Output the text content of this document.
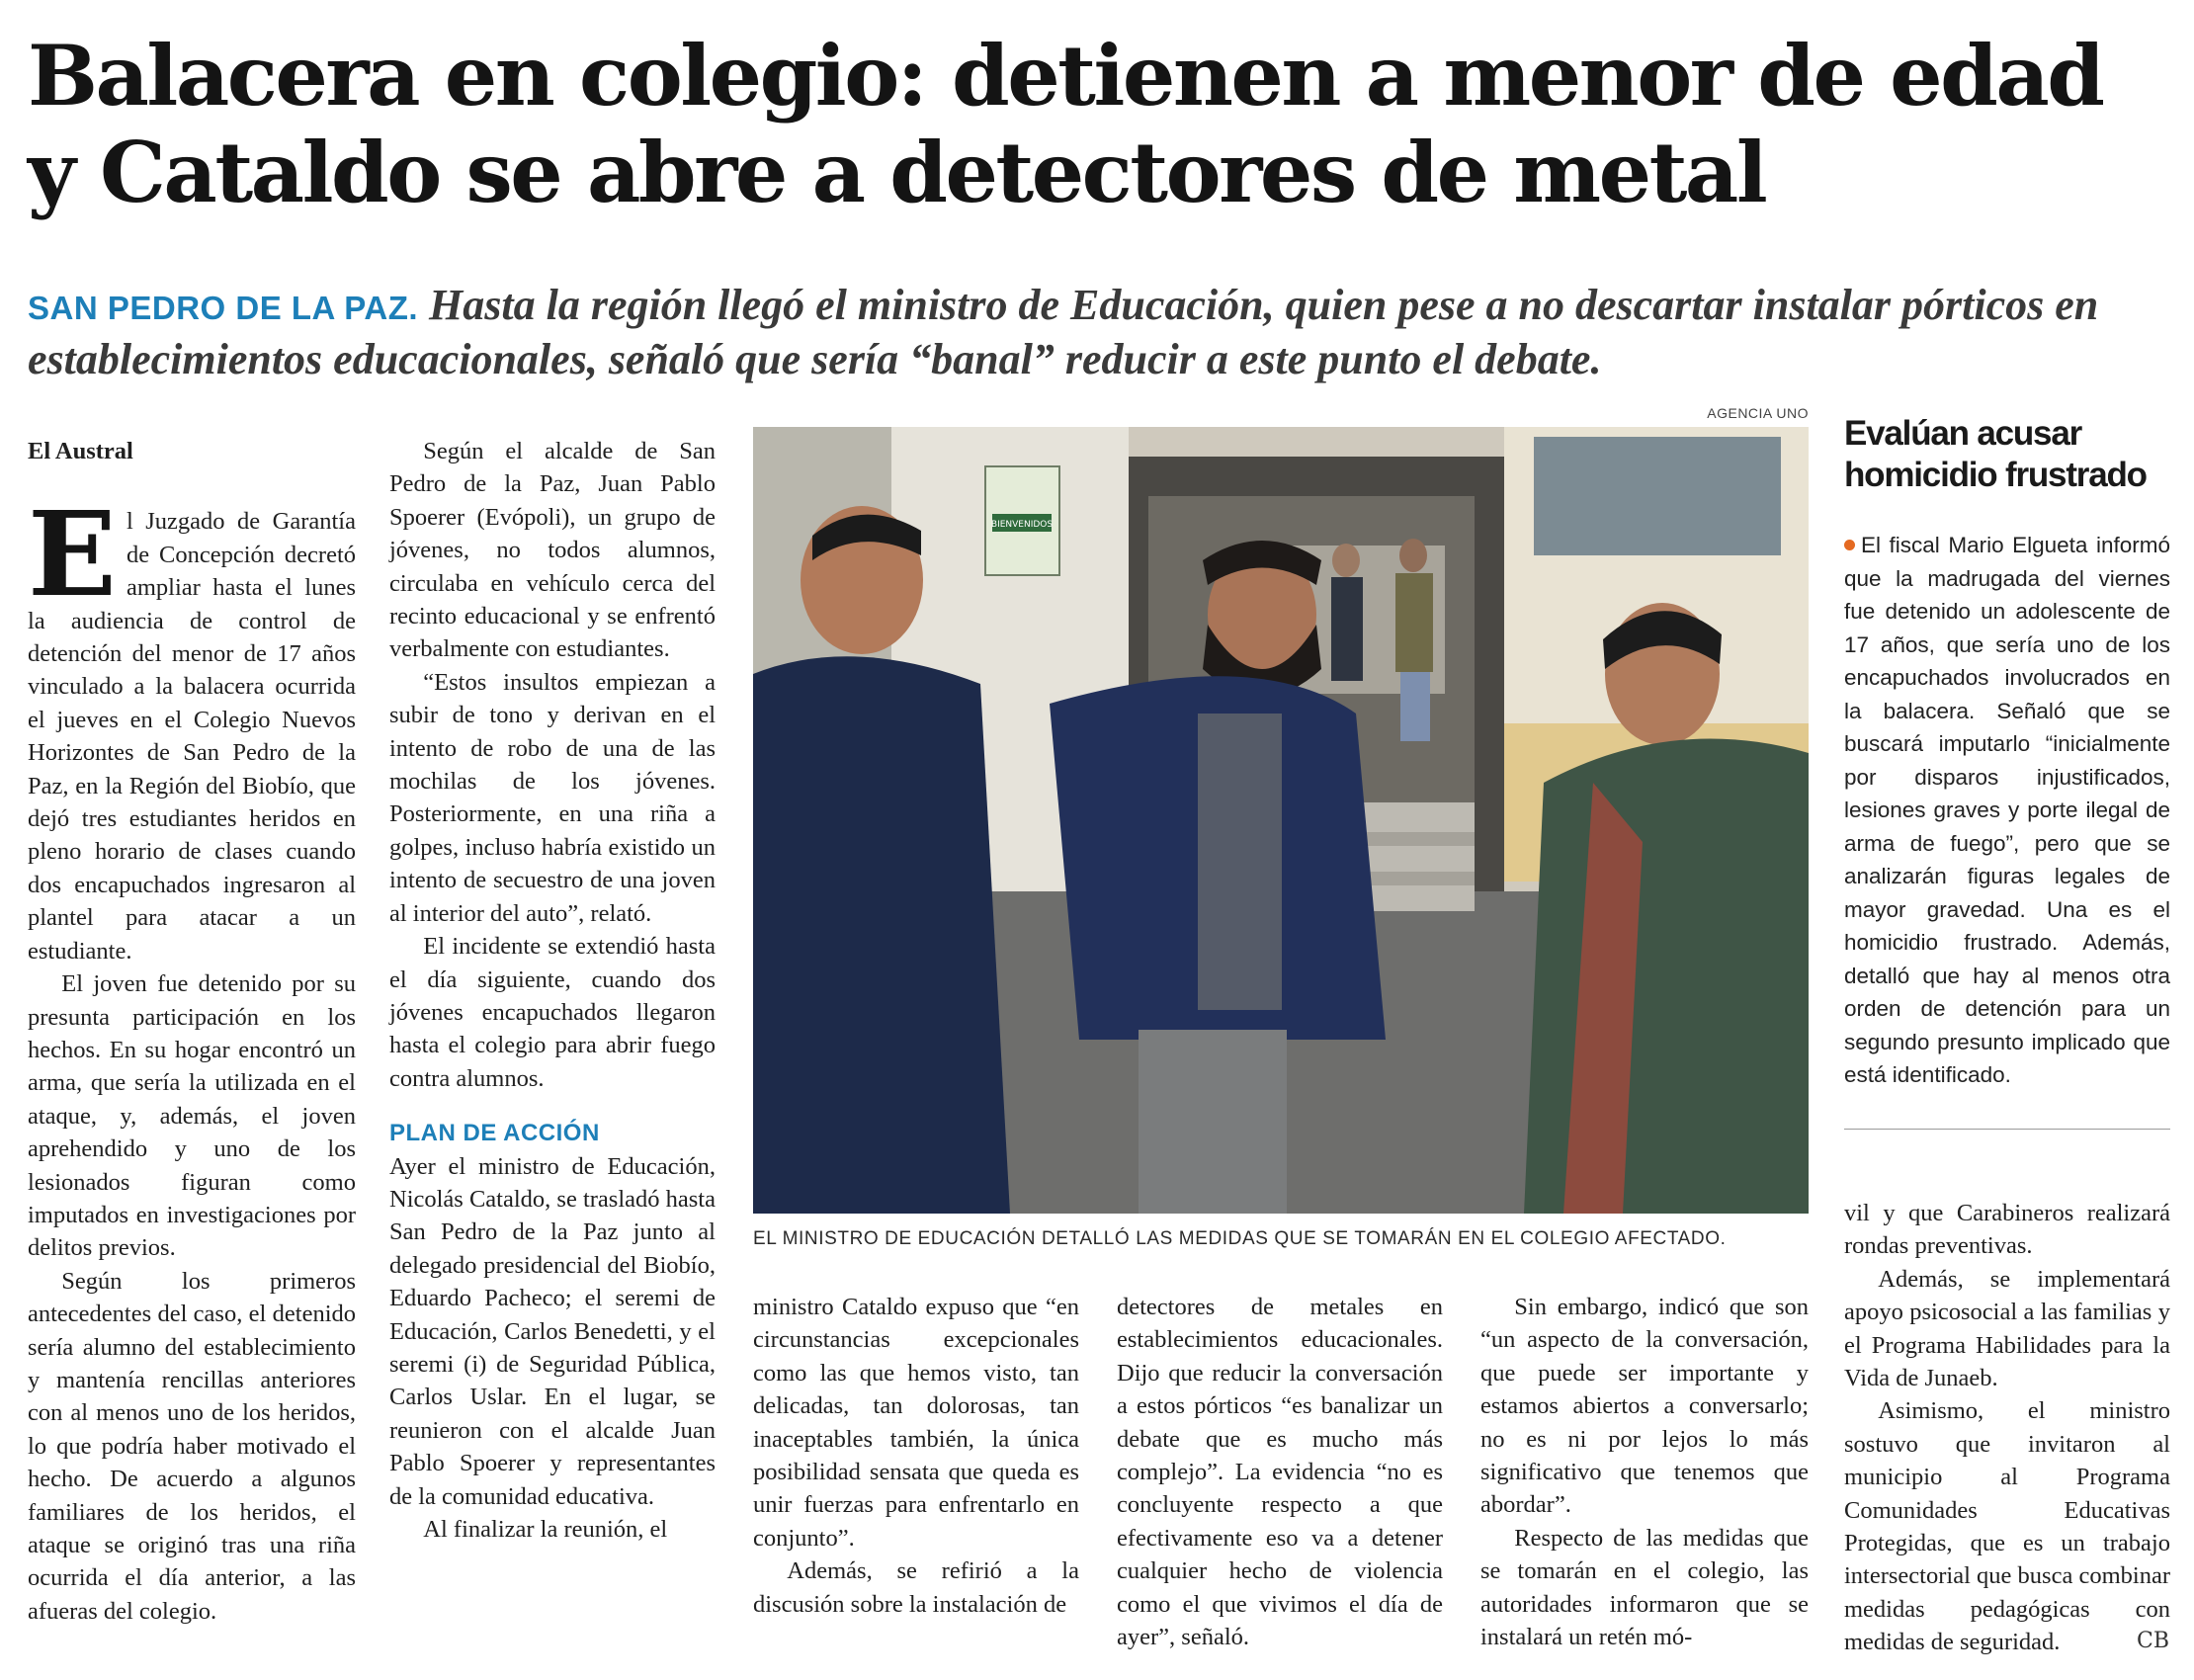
Balacera en colegio: detienen a menor de edad y Cataldo se abre a detectores de metal

SAN PEDRO DE LA PAZ. Hasta la región llegó el ministro de Educación, quien pese a no descartar instalar pórticos en establecimientos educacionales, señaló que sería “banal” reducir a este punto el debate.

El Austral

El Juzgado de Garantía de Concepción decretó ampliar hasta el lunes la audiencia de control de detención del menor de 17 años vinculado a la balacera ocurrida el jueves en el Colegio Nuevos Horizontes de San Pedro de la Paz, en la Región del Biobío, que dejó tres estudiantes heridos en pleno horario de clases cuando dos encapuchados ingresaron al plantel para atacar a un estudiante.

El joven fue detenido por su presunta participación en los hechos. En su hogar encontró un arma, que sería la utilizada en el ataque, y, además, el joven aprehendido y uno de los lesionados figuran como imputados en investigaciones por delitos previos.

Según los primeros antecedentes del caso, el detenido sería alumno del establecimiento y mantenía rencillas anteriores con al menos uno de los heridos, lo que podría haber motivado el hecho. De acuerdo a algunos familiares de los heridos, el ataque se originó tras una riña ocurrida el día anterior, a las afueras del colegio.

Según el alcalde de San Pedro de la Paz, Juan Pablo Spoerer (Evópoli), un grupo de jóvenes, no todos alumnos, circulaba en vehículo cerca del recinto educacional y se enfrentó verbalmente con estudiantes.

“Estos insultos empiezan a subir de tono y derivan en el intento de robo de una de las mochilas de los jóvenes. Posteriormente, en una riña a golpes, incluso habría existido un intento de secuestro de una joven al interior del auto”, relató.

El incidente se extendió hasta el día siguiente, cuando dos jóvenes encapuchados llegaron hasta el colegio para abrir fuego contra alumnos.

PLAN DE ACCIÓN

Ayer el ministro de Educación, Nicolás Cataldo, se trasladó hasta San Pedro de la Paz junto al delegado presidencial del Biobío, Eduardo Pacheco; el seremi de Educación, Carlos Benedetti, y el seremi (i) de Seguridad Pública, Carlos Uslar. En el lugar, se reunieron con el alcalde Juan Pablo Spoerer y representantes de la comunidad educativa.

Al finalizar la reunión, el

AGENCIA UNO
BIENVENIDOS
EL MINISTRO DE EDUCACIÓN DETALLÓ LAS MEDIDAS QUE SE TOMARÁN EN EL COLEGIO AFECTADO.

ministro Cataldo expuso que “en circunstancias excepcionales como las que hemos visto, tan delicadas, tan dolorosas, tan inaceptables también, la única posibilidad sensata que queda es unir fuerzas para enfrentarlo en conjunto”.

Además, se refirió a la discusión sobre la instalación de

detectores de metales en establecimientos educacionales. Dijo que reducir la conversación a estos pórticos “es banalizar un debate que es mucho más complejo”. La evidencia “no es concluyente respecto a que efectivamente eso va a detener cualquier hecho de violencia como el que vivimos el día de ayer”, señaló.

Sin embargo, indicó que son “un aspecto de la conversación, que puede ser importante y estamos abiertos a conversarlo; no es ni por lejos lo más significativo que tenemos que abordar”.

Respecto de las medidas que se tomarán en el colegio, las autoridades informaron que se instalará un retén mó-

Evalúan acusar homicidio frustrado

El fiscal Mario Elgueta informó que la madrugada del viernes fue detenido un adolescente de 17 años, que sería uno de los encapuchados involucrados en la balacera. Señaló que se buscará imputarlo “inicialmente por disparos injustificados, lesiones graves y porte ilegal de arma de fuego”, pero que se analizarán figuras legales de mayor gravedad. Una es el homicidio frustrado. Además, detalló que hay al menos otra orden de detención para un segundo presunto implicado que está identificado.

vil y que Carabineros realizará rondas preventivas.

Además, se implementará apoyo psicosocial a las familias y el Programa Habilidades para la Vida de Junaeb.

Asimismo, el ministro sostuvo que invitaron al municipio al Programa Comunidades Educativas Protegidas, que es un trabajo intersectorial que busca combinar medidas pedagógicas con medidas de seguridad.	CB
